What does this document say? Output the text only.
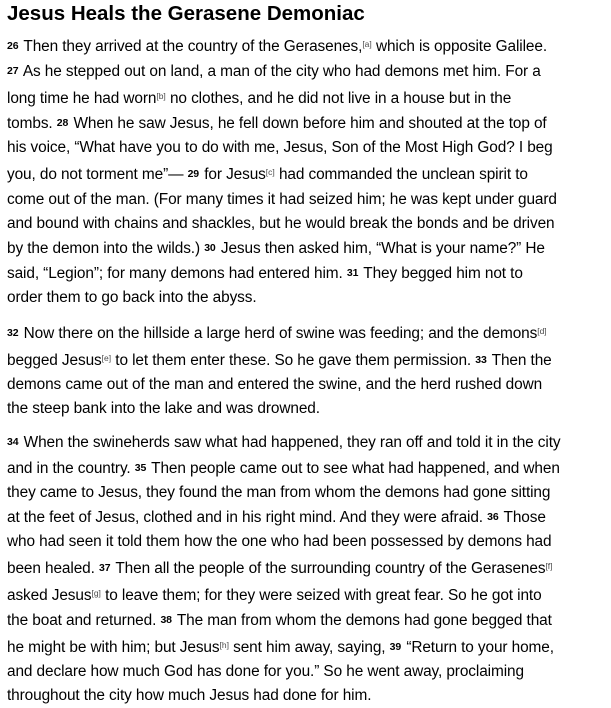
Jesus Heals the Gerasene Demoniac

26 Then they arrived at the country of the Gerasenes,[a] which is opposite Galilee.
27 As he stepped out on land, a man of the city who had demons met him. For a
long time he had worn[b] no clothes, and he did not live in a house but in the
tombs. 28 When he saw Jesus, he fell down before him and shouted at the top of
his voice, “What have you to do with me, Jesus, Son of the Most High God? I beg
you, do not torment me”— 29 for Jesus[c] had commanded the unclean spirit to
come out of the man. (For many times it had seized him; he was kept under guard
and bound with chains and shackles, but he would break the bonds and be driven
by the demon into the wilds.) 30 Jesus then asked him, “What is your name?” He
said, “Legion”; for many demons had entered him. 31 They begged him not to
order them to go back into the abyss.

32 Now there on the hillside a large herd of swine was feeding; and the demons[d]
begged Jesus[e] to let them enter these. So he gave them permission. 33 Then the
demons came out of the man and entered the swine, and the herd rushed down
the steep bank into the lake and was drowned.

34 When the swineherds saw what had happened, they ran off and told it in the city
and in the country. 35 Then people came out to see what had happened, and when
they came to Jesus, they found the man from whom the demons had gone sitting
at the feet of Jesus, clothed and in his right mind. And they were afraid. 36 Those
who had seen it told them how the one who had been possessed by demons had
been healed. 37 Then all the people of the surrounding country of the Gerasenes[f]
asked Jesus[g] to leave them; for they were seized with great fear. So he got into
the boat and returned. 38 The man from whom the demons had gone begged that
he might be with him; but Jesus[h] sent him away, saying, 39 “Return to your home,
and declare how much God has done for you.” So he went away, proclaiming
throughout the city how much Jesus had done for him.
